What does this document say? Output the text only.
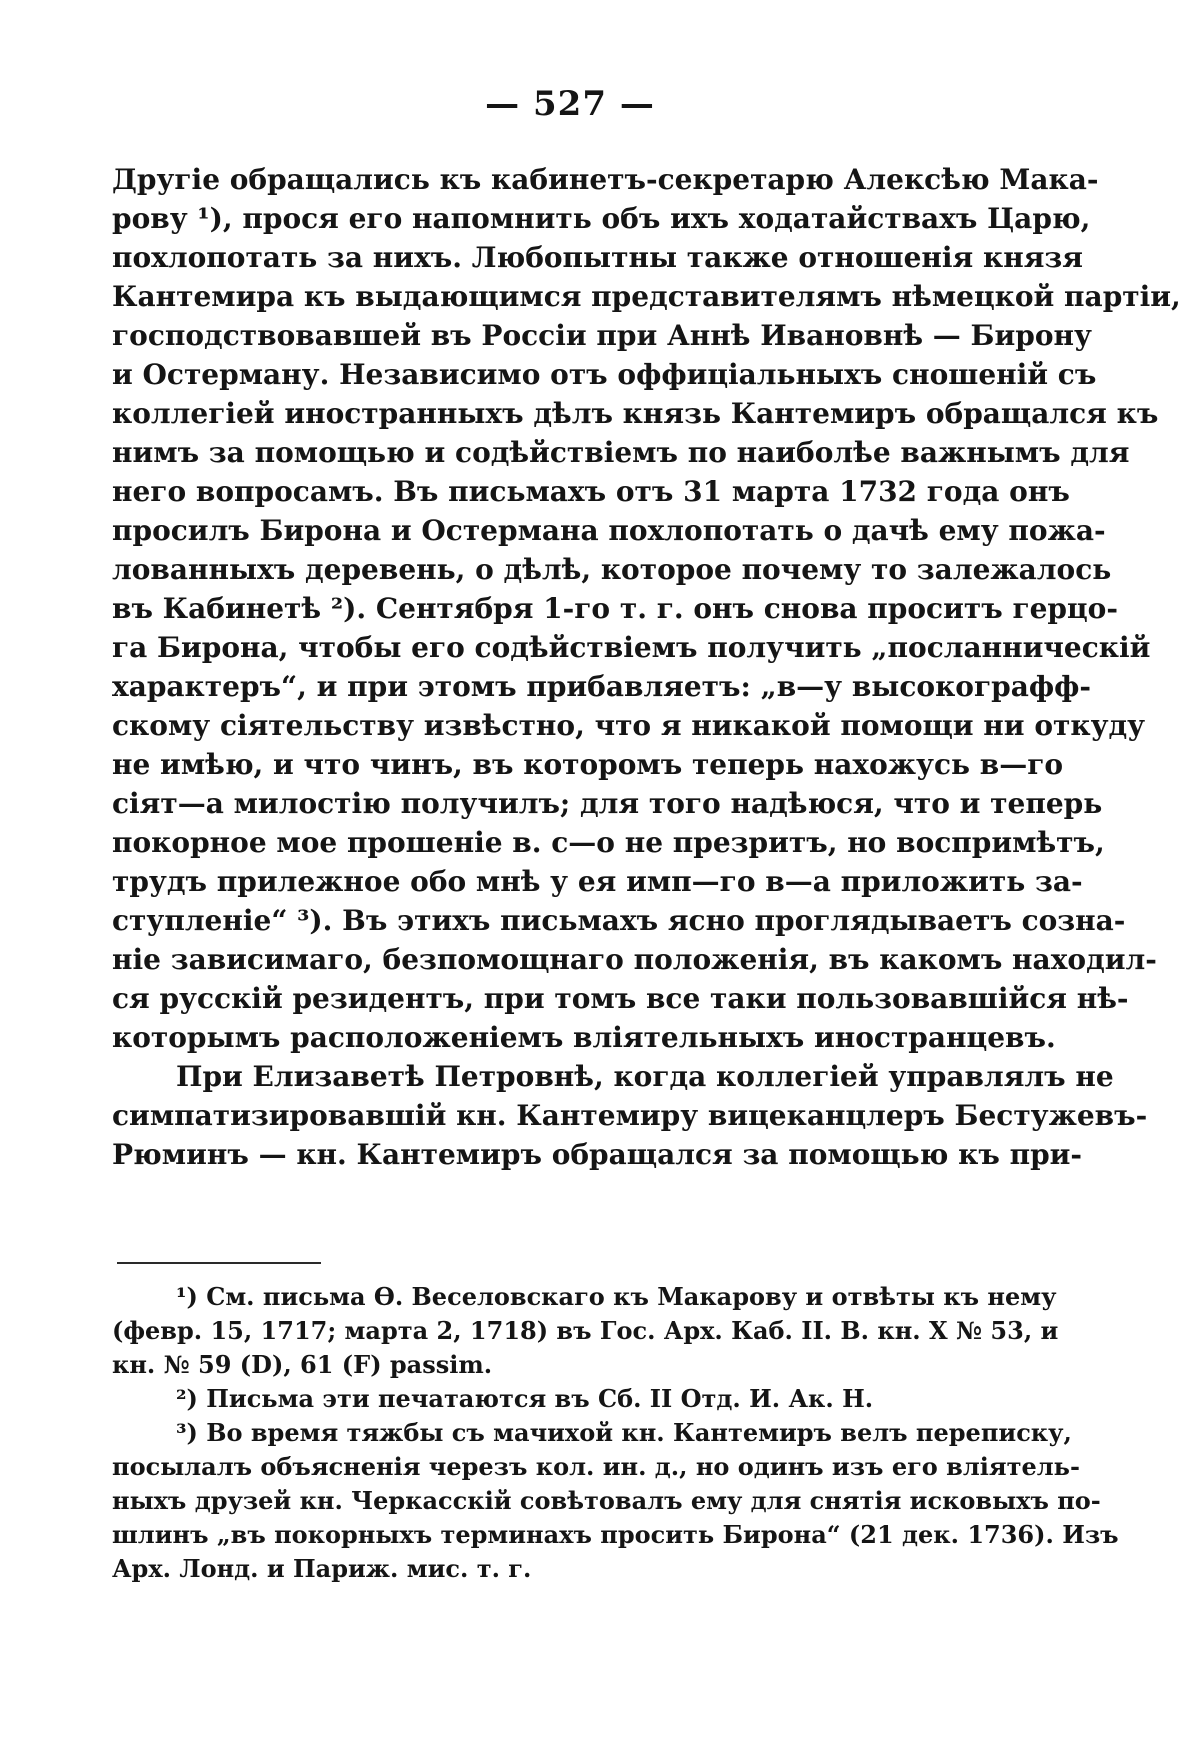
— 527 —
Другіе обращались къ кабинетъ-секретарю Алексѣю Мака-
рову ¹), прося его напомнить объ ихъ ходатайствахъ Царю,
похлопотать за нихъ. Любопытны также отношенія князя
Кантемира къ выдающимся представителямъ нѣмецкой партіи,
господствовавшей въ Россіи при Аннѣ Ивановнѣ — Бирону
и Остерману. Независимо отъ оффиціальныхъ сношеній съ
коллегіей иностранныхъ дѣлъ князь Кантемиръ обращался къ
нимъ за помощью и содѣйствіемъ по наиболѣе важнымъ для
него вопросамъ. Въ письмахъ отъ 31 марта 1732 года онъ
просилъ Бирона и Остермана похлопотать о дачѣ ему пожа-
лованныхъ деревень, о дѣлѣ, которое почему то залежалось
въ Кабинетѣ ²). Сентября 1-го т. г. онъ снова проситъ герцо-
га Бирона, чтобы его содѣйствіемъ получить „посланническій
характеръ“, и при этомъ прибавляетъ: „в—у высокографф-
скому сіятельству извѣстно, что я никакой помощи ни откуду
не имѣю, и что чинъ, въ которомъ теперь нахожусь в—го
сіят—а милостію получилъ; для того надѣюся, что и теперь
покорное мое прошеніе в. с—о не презритъ, но воспримѣтъ,
трудъ прилежное обо мнѣ у ея имп—го в—а приложить за-
ступленіе“ ³). Въ этихъ письмахъ ясно проглядываетъ созна-
ніе зависимаго, безпомощнаго положенія, въ какомъ находил-
ся русскій резидентъ, при томъ все таки пользовавшійся нѣ-
которымъ расположеніемъ вліятельныхъ иностранцевъ.
При Елизаветѣ Петровнѣ, когда коллегіей управлялъ не
симпатизировавшій кн. Кантемиру вицеканцлеръ Бестужевъ-
Рюминъ — кн. Кантемиръ обращался за помощью къ при-
¹) См. письма Ѳ. Веселовскаго къ Макарову и отвѣты къ нему
(февр. 15, 1717; марта 2, 1718) въ Гос. Арх. Каб. II. В. кн. X № 53, и
кн. № 59 (D), 61 (F) passim.
²) Письма эти печатаются въ Сб. II Отд. И. Ак. Н.
³) Во время тяжбы съ мачихой кн. Кантемиръ велъ переписку,
посылалъ объясненія черезъ кол. ин. д., но одинъ изъ его вліятель-
ныхъ друзей кн. Черкасскій совѣтовалъ ему для снятія исковыхъ по-
шлинъ „въ покорныхъ терминахъ просить Бирона“ (21 дек. 1736). Изъ
Арх. Лонд. и Париж. мис. т. г.
